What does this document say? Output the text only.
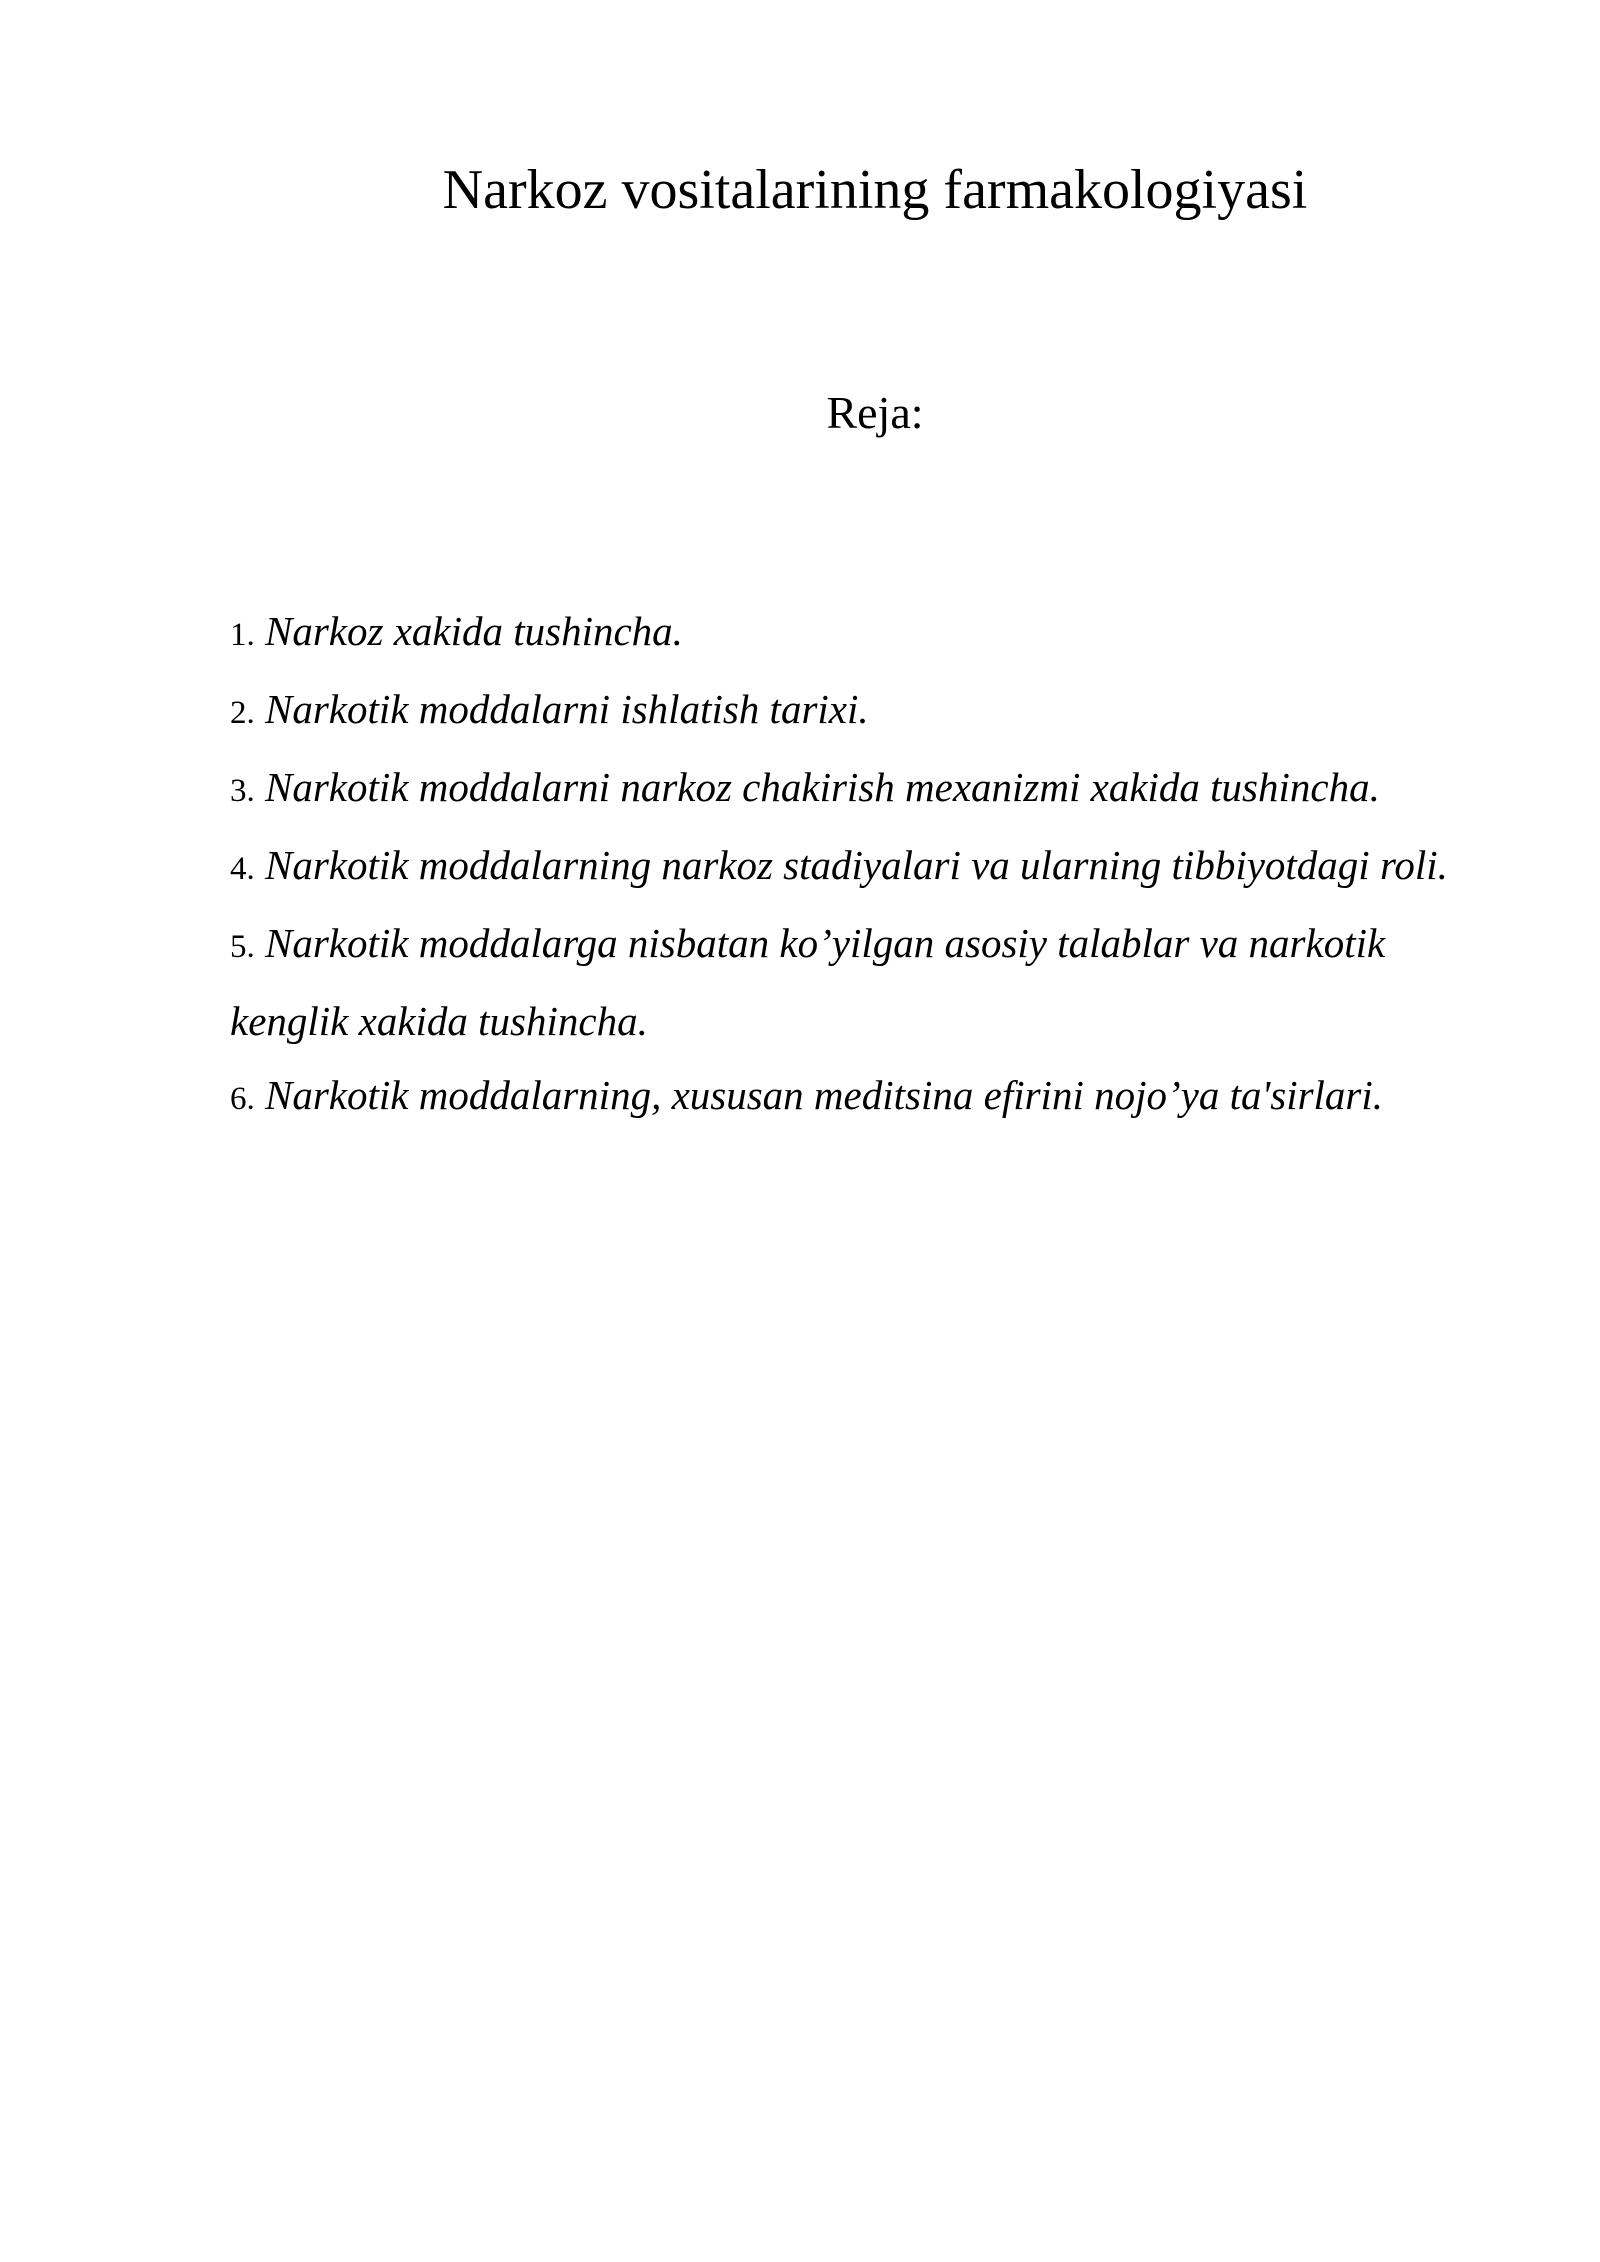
Narkoz vositalarining farmakologiyasi
Reja:
1. Narkoz xakida tushincha.
2. Narkotik moddalarni ishlatish tarixi.
3. Narkotik moddalarni narkoz chakirish mexanizmi xakida tushincha.
4. Narkotik moddalarning narkoz stadiyalari va ularning tibbiyotdagi roli.
5. Narkotik moddalarga nisbatan ko’yilgan asosiy talablar va narkotik kenglik xakida tushincha.
6. Narkotik moddalarning, xususan meditsina efirini nojo’ya ta'sirlari.
